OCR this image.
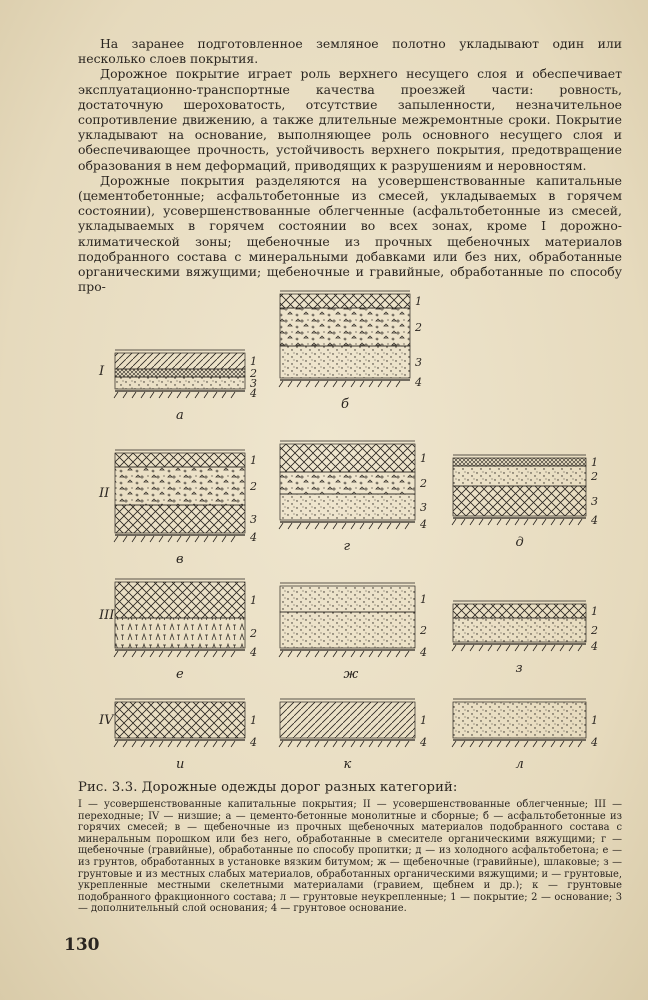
На заранее подготовленное земляное полотно укладывают один или несколько слоев покрытия.

Дорожное покрытие играет роль верхнего несущего слоя и обеспечивает эксплуатационно-транспортные качества проезжей части: ровность, достаточную шероховатость, отсутствие запыленности, незначительное сопротивление движению, а также длительные межремонтные сроки. Покрытие укладывают на основание, выполняющее роль основного несущего слоя и обеспечивающее прочность, устойчивость верхнего покрытия, предотвращение образования в нем деформаций, приводящих к разрушениям и неровностям.

Дорожные покрытия разделяются на усовершенствованные капитальные (цементобетонные; асфальтобетонные из смесей, укладываемых в горячем состоянии), усовершенствованные облегченные (асфальтобетонные из смесей, укладываемых в горячем состоянии во всех зонах, кроме I дорожно-климатической зоны; щебеночные из прочных щебеночных материалов подобранного состава с минеральными добавками или без них, обработанные органическими вяжущими; щебеночные и гравийные, обработанные по способу про-

1
2
3
4
а
I
1
2
3
4
б
1
2
3
4
в
II
1
2
3
4
г
1
2
3
4
д
1
2
4
е
III
1
2
4
ж
1
2
4
з
1
4
и
IV	1
4
к
1
4
л
Рис. 3.3. Дорожные одежды дорог разных категорий:
I — усовершенствованные капитальные покрытия; II — усовершенствованные облегченные; III — переходные; IV — низшие; а — цементо-бетонные монолитные и сборные; б — асфальтобетонные из горячих смесей; в — щебеночные из прочных щебеночных материалов подобранного состава с минеральным порошком или без него, обработанные в смесителе органическими вяжущими; г — щебеночные (гравийные), обработанные по способу пропитки; д — из холодного асфальтобетона; е — из грунтов, обработанных в установке вязким битумом; ж — щебеночные (гравийные), шлаковые; з — грунтовые и из местных слабых материалов, обработанных органическими вяжущими; и — грунтовые, укрепленные местными скелетными материалами (гравием, щебнем и др.); к — грунтовые подобранного фракционного состава; л — грунтовые неукрепленные; 1 — покрытие; 2 — основание; 3 — дополнительный слой основания; 4 — грунтовое основание.
130
